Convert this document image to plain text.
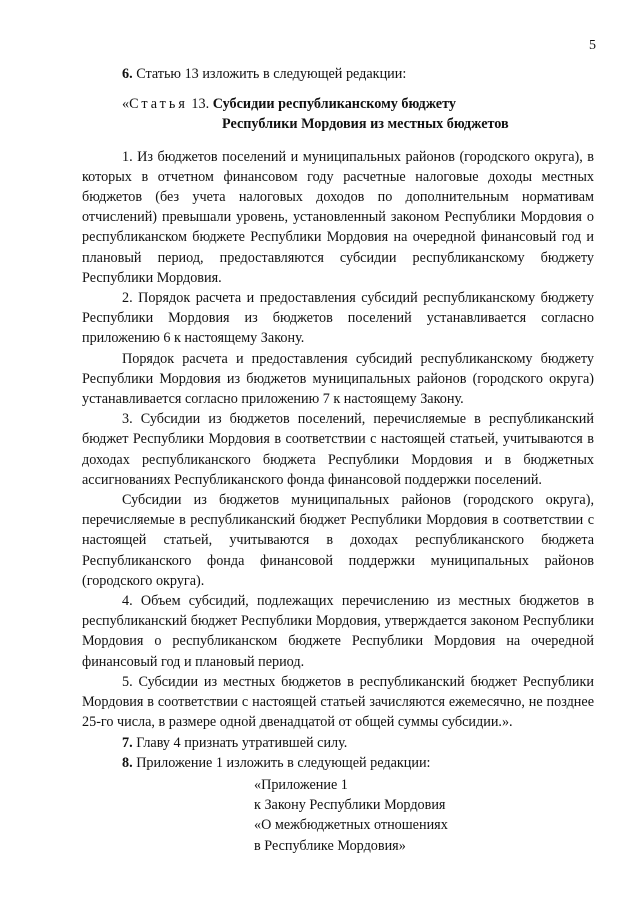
5

6. Статью 13 изложить в следующей редакции:

«Статья 13. Субсидии республиканскому бюджету
Республики Мордовия из местных бюджетов

1. Из бюджетов поселений и муниципальных районов (городского округа), в которых в отчетном финансовом году расчетные налоговые доходы местных бюджетов (без учета налоговых доходов по дополнительным нормативам отчислений) превышали уровень, установленный законом Республики Мордовия о республиканском бюджете Республики Мордовия на очередной финансовый год и плановый период, предоставляются субсидии республиканскому бюджету Республики Мордовия.

2. Порядок расчета и предоставления субсидий республиканскому бюджету Республики Мордовия из бюджетов поселений устанавливается согласно приложению 6 к настоящему Закону.

Порядок расчета и предоставления субсидий республиканскому бюджету Республики Мордовия из бюджетов муниципальных районов (городского округа) устанавливается согласно приложению 7 к настоящему Закону.

3. Субсидии из бюджетов поселений, перечисляемые в республиканский бюджет Республики Мордовия в соответствии с настоящей статьей, учитываются в доходах республиканского бюджета Республики Мордовия и в бюджетных ассигнованиях Республиканского фонда финансовой поддержки поселений.

Субсидии из бюджетов муниципальных районов (городского округа), перечисляемые в республиканский бюджет Республики Мордовия в соответствии с настоящей статьей, учитываются в доходах республиканского бюджета Республиканского фонда финансовой поддержки муниципальных районов (городского округа).

4. Объем субсидий, подлежащих перечислению из местных бюджетов в республиканский бюджет Республики Мордовия, утверждается законом Республики Мордовия о республиканском бюджете Республики Мордовия на очередной финансовый год и плановый период.

5. Субсидии из местных бюджетов в республиканский бюджет Республики Мордовия в соответствии с настоящей статьей зачисляются ежемесячно, не позднее 25-го числа, в размере одной двенадцатой от общей суммы субсидии.».

7. Главу 4 признать утратившей силу.

8. Приложение 1 изложить в следующей редакции:

«Приложение 1
к Закону Республики Мордовия
«О межбюджетных отношениях
в Республике Мордовия»
